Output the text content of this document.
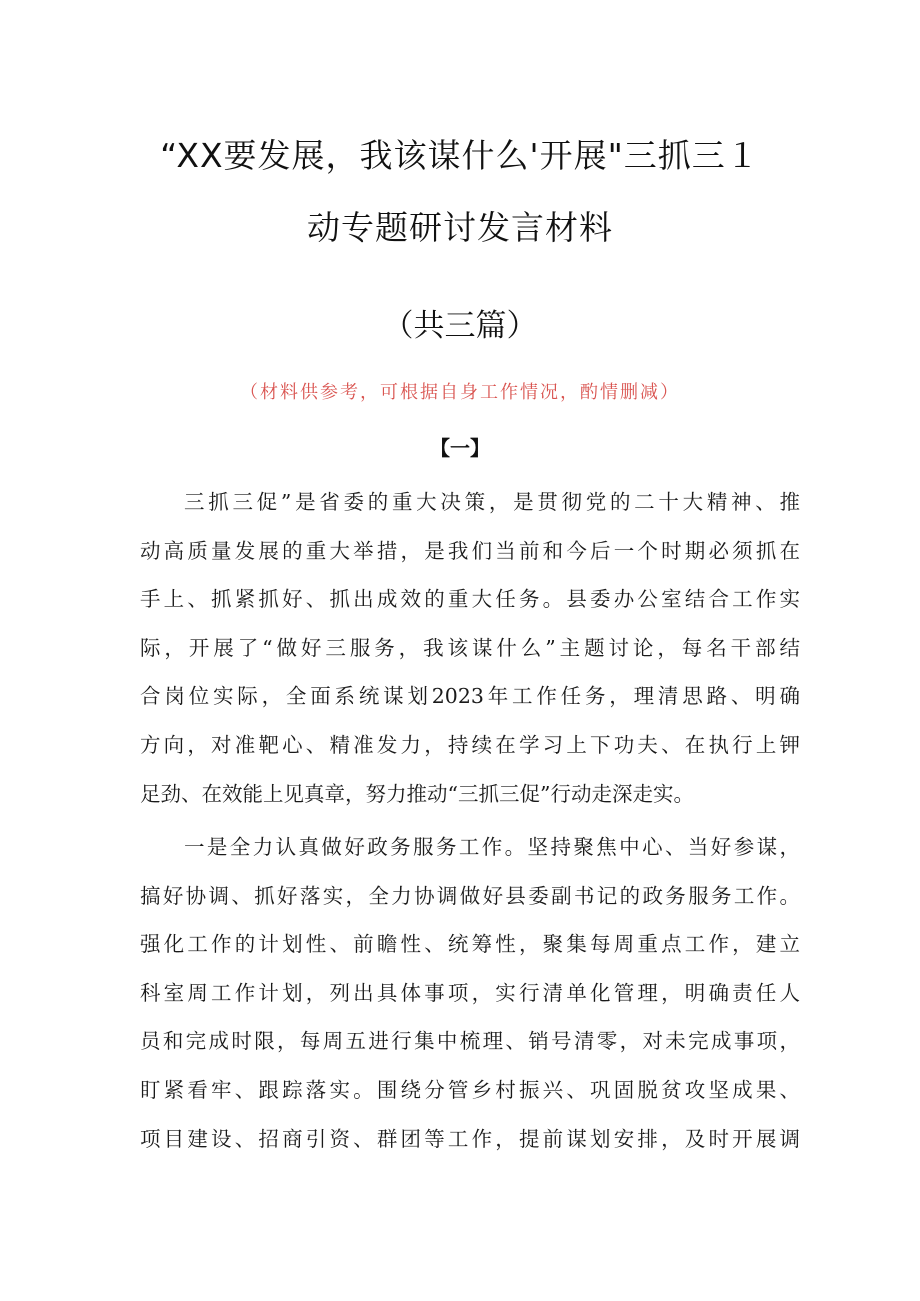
“XX要发展，我该谋什么'开展"三抓三１
动专题研讨发言材料
（共三篇）
（材料供参考，可根据自身工作情况，酌情删减）
【一】
三抓三促”是省委的重大决策，是贯彻党的二十大精神、推
动高质量发展的重大举措，是我们当前和今后一个时期必须抓在
手上、抓紧抓好、抓出成效的重大任务。县委办公室结合工作实
际，开展了“做好三服务，我该谋什么”主题讨论，每名干部结
合岗位实际，全面系统谋划2023年工作任务，理清思路、明确
方向，对准靶心、精准发力，持续在学习上下功夫、在执行上钾
足劲、在效能上见真章，努力推动“三抓三促”行动走深走实。
一是全力认真做好政务服务工作。坚持聚焦中心、当好参谋，
搞好协调、抓好落实，全力协调做好县委副书记的政务服务工作。
强化工作的计划性、前瞻性、统筹性，聚集每周重点工作，建立
科室周工作计划，列出具体事项，实行清单化管理，明确责任人
员和完成时限，每周五进行集中梳理、销号清零，对未完成事项，
盯紧看牢、跟踪落实。围绕分管乡村振兴、巩固脱贫攻坚成果、
项目建设、招商引资、群团等工作，提前谋划安排，及时开展调
